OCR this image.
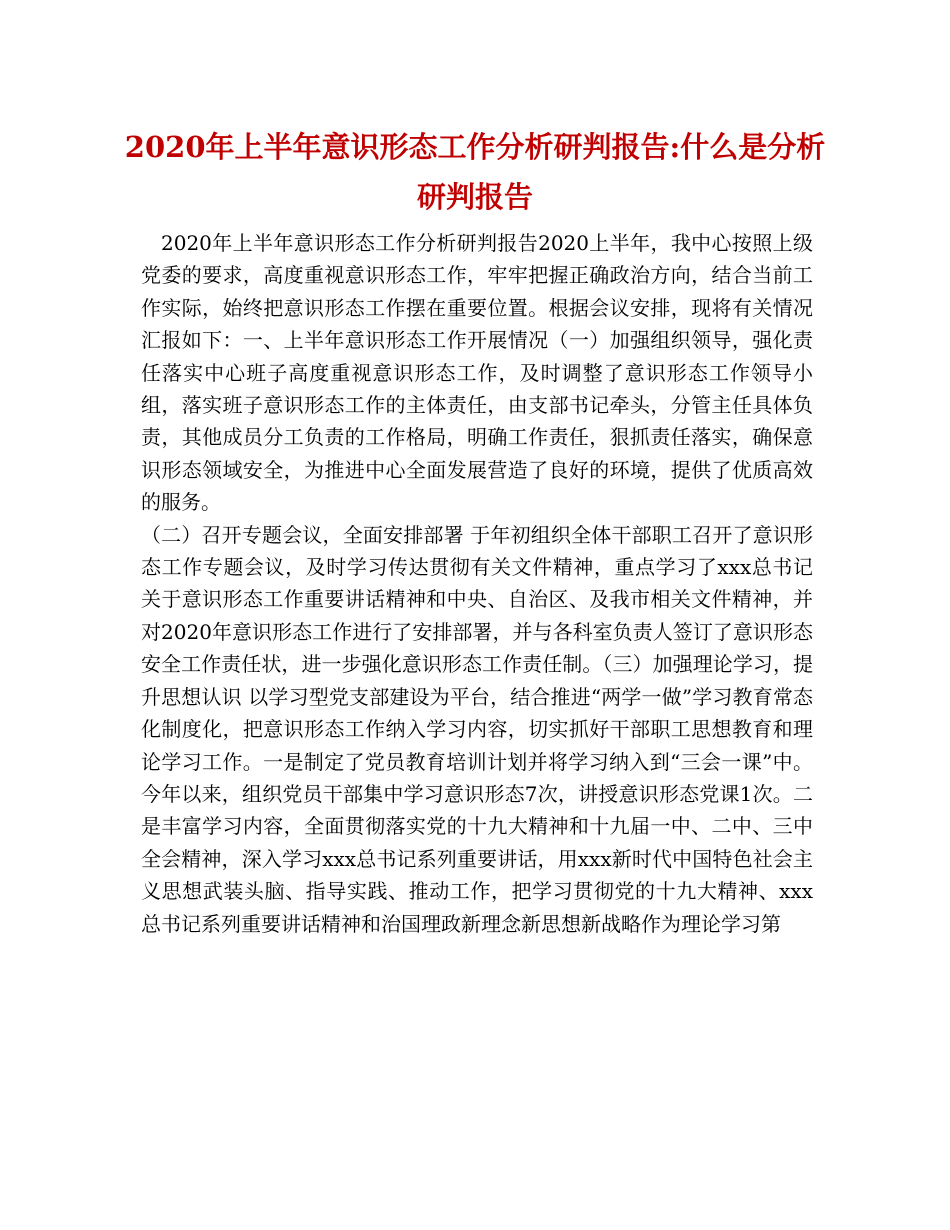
2020年上半年意识形态工作分析研判报告:什么是分析研判报告

2020年上半年意识形态工作分析研判报告2020上半年，我中心按照上级党委的要求，高度重视意识形态工作，牢牢把握正确政治方向，结合当前工作实际，始终把意识形态工作摆在重要位置。根据会议安排，现将有关情况汇报如下：一、上半年意识形态工作开展情况（一）加强组织领导，强化责任落实中心班子高度重视意识形态工作，及时调整了意识形态工作领导小组，落实班子意识形态工作的主体责任，由支部书记牵头，分管主任具体负责，其他成员分工负责的工作格局，明确工作责任，狠抓责任落实，确保意识形态领域安全，为推进中心全面发展营造了良好的环境，提供了优质高效的服务。

（二）召开专题会议，全面安排部署 于年初组织全体干部职工召开了意识形态工作专题会议，及时学习传达贯彻有关文件精神，重点学习了xxx总书记关于意识形态工作重要讲话精神和中央、自治区、及我市相关文件精神，并对2020年意识形态工作进行了安排部署，并与各科室负责人签订了意识形态安全工作责任状，进一步强化意识形态工作责任制。（三）加强理论学习，提升思想认识 以学习型党支部建设为平台，结合推进“两学一做”学习教育常态化制度化，把意识形态工作纳入学习内容，切实抓好干部职工思想教育和理论学习工作。一是制定了党员教育培训计划并将学习纳入到“三会一课”中。今年以来，组织党员干部集中学习意识形态7次，讲授意识形态党课1次。二是丰富学习内容，全面贯彻落实党的十九大精神和十九届一中、二中、三中全会精神，深入学习xxx总书记系列重要讲话，用xxx新时代中国特色社会主义思想武装头脑、指导实践、推动工作，把学习贯彻党的十九大精神、xxx总书记系列重要讲话精神和治国理政新理念新思想新战略作为理论学习第
